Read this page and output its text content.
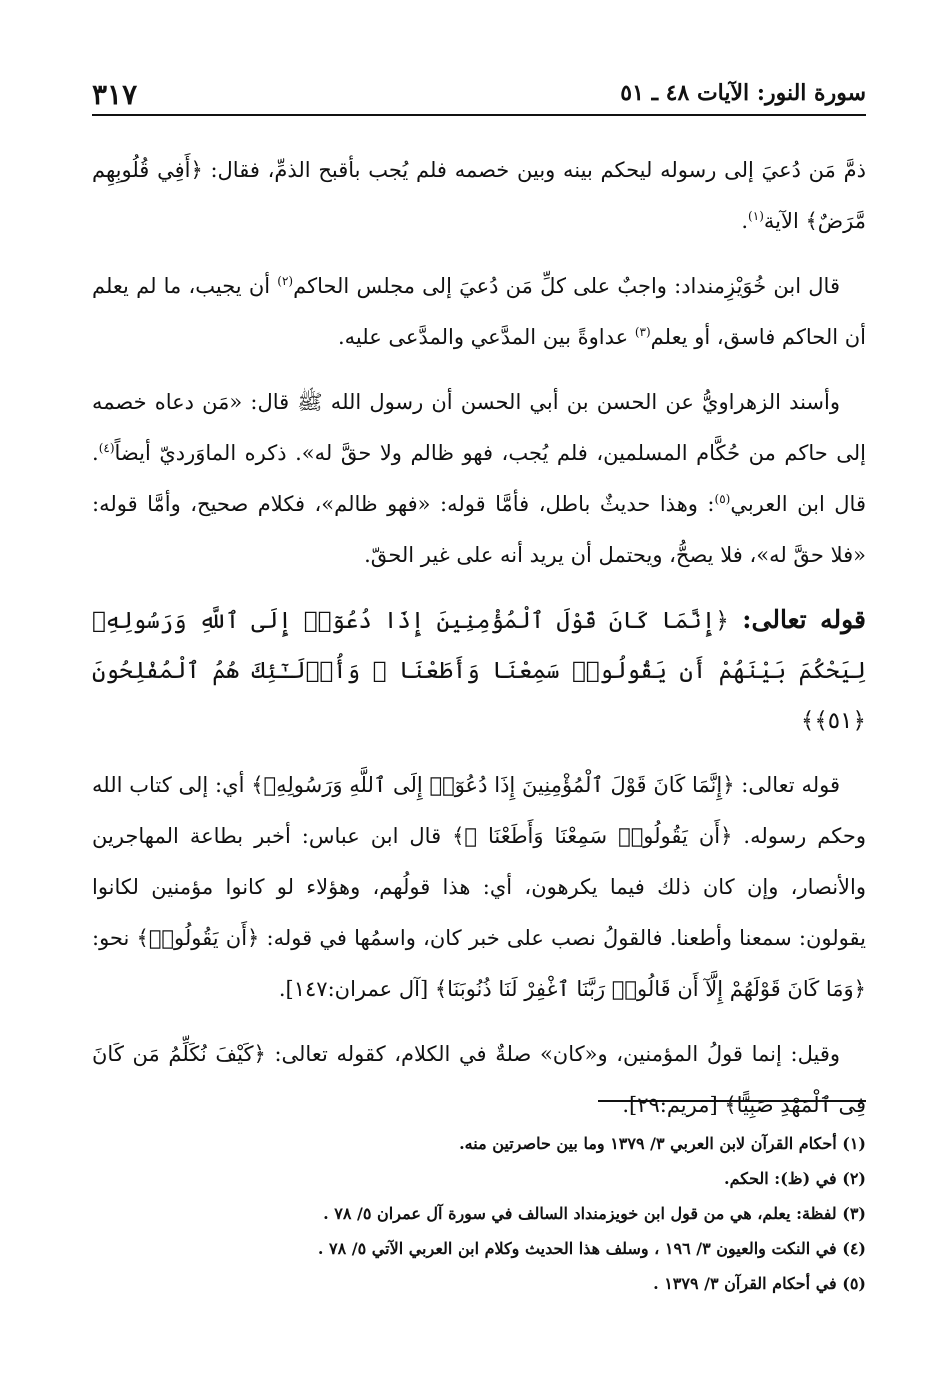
٣١٧	سورة النور: الآيات ٤٨ ـ ٥١

ذمَّ مَن دُعيَ إلى رسوله ليحكم بينه وبين خصمه فلم يُجب بأقبح الذمِّ، فقال: ﴿أَفِي قُلُوبِهِم مَّرَضٌ﴾ الآية$^{(١)}$.

قال ابن خُوَيْزِمنداد: واجبٌ على كلِّ مَن دُعيَ إلى مجلس الحاكم$^{(٢)}$ أن يجيب، ما لم يعلم أن الحاكم فاسق، أو يعلم$^{(٣)}$ عداوةً بين المدَّعي والمدَّعى عليه.

وأسند الزهراويُّ عن الحسن بن أبي الحسن أن رسول الله ﷺ قال: «مَن دعاه خصمه إلى حاكم من حُكَّام المسلمين، فلم يُجب، فهو ظالم ولا حقَّ له». ذكره الماوَرديّ أيضاً$^{(٤)}$. قال ابن العربي$^{(٥)}$: وهذا حديثٌ باطل، فأمَّا قوله: «فهو ظالم»، فكلام صحيح، وأمَّا قوله: «فلا حقَّ له»، فلا يصحُّ، ويحتمل أن يريد أنه على غير الحقّ.

قوله تعالى: ﴿إِنَّمَا كَانَ قَوْلَ ٱلْمُؤْمِنِينَ إِذَا دُعُوٓا۟ إِلَى ٱللَّهِ وَرَسُولِهِۦ لِيَحْكُمَ بَيْنَهُمْ أَن يَقُولُوا۟ سَمِعْنَا وَأَطَعْنَا ۚ وَأُو۟لَـٰٓئِكَ هُمُ ٱلْمُفْلِحُونَ ﴿٥١﴾﴾

قوله تعالى: ﴿إِنَّمَا كَانَ قَوْلَ ٱلْمُؤْمِنِينَ إِذَا دُعُوٓا۟ إِلَى ٱللَّهِ وَرَسُولِهِۦ﴾ أي: إلى كتاب الله وحكم رسوله. ﴿أَن يَقُولُوا۟ سَمِعْنَا وَأَطَعْنَا ۚ﴾ قال ابن عباس: أخبر بطاعة المهاجرين والأنصار، وإن كان ذلك فيما يكرهون، أي: هذا قولُهم، وهؤلاء لو كانوا مؤمنين لكانوا يقولون: سمعنا وأطعنا. فالقولُ نصب على خبر كان، واسمُها في قوله: ﴿أَن يَقُولُوا۟﴾ نحو: ﴿وَمَا كَانَ قَوْلَهُمْ إِلَّآ أَن قَالُوا۟ رَبَّنَا ٱغْفِرْ لَنَا ذُنُوبَنَا﴾ [آل عمران:١٤٧].

وقيل: إنما قولُ المؤمنين، و«كان» صلةٌ في الكلام، كقوله تعالى: ﴿كَيْفَ نُكَلِّمُ مَن كَانَ فِى ٱلْمَهْدِ صَبِيًّا﴾ [مريم:٢٩].

(١) أحكام القرآن لابن العربي ٣/ ١٣٧٩ وما بين حاصرتين منه.

(٢) في (ظ): الحكم.

(٣) لفظة: يعلم، هي من قول ابن خويزمنداد السالف في سورة آل عمران ٥/ ٧٨ .

(٤) في النكت والعيون ٣/ ١٩٦ ، وسلف هذا الحديث وكلام ابن العربي الآتي ٥/ ٧٨ .

(٥) في أحكام القرآن ٣/ ١٣٧٩ .
